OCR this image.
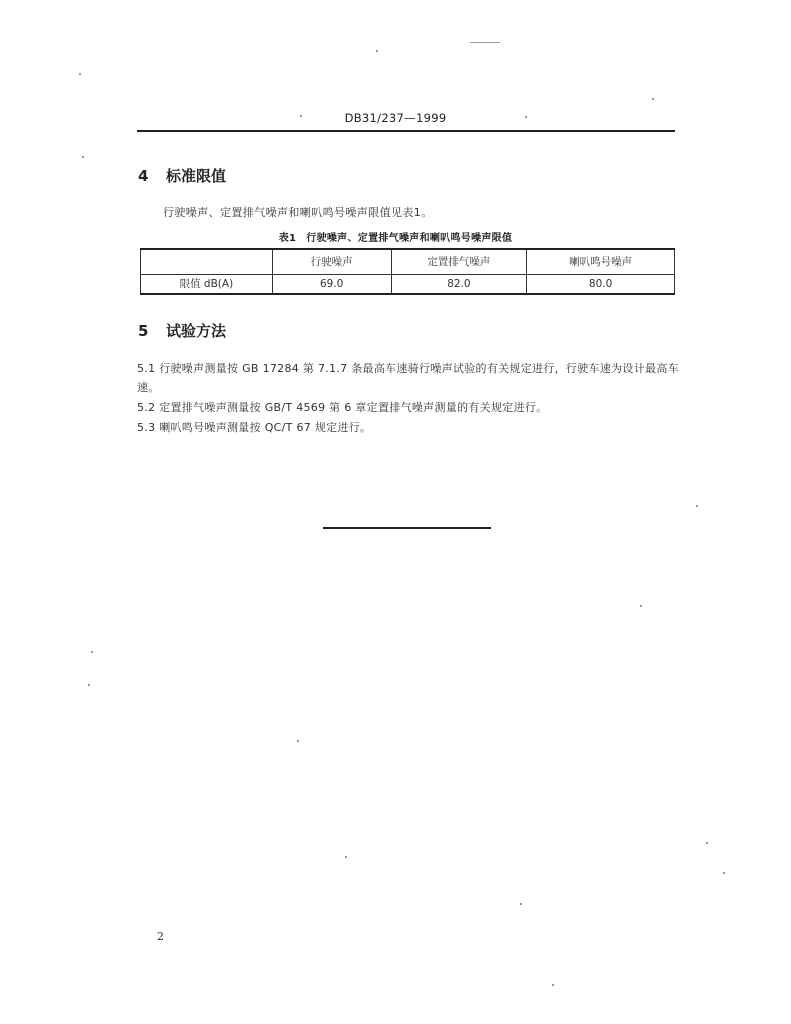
DB31/237—1999
4 标准限值
行驶噪声、定置排气噪声和喇叭鸣号噪声限值见表1。
表1 行驶噪声、定置排气噪声和喇叭鸣号噪声限值
	行驶噪声	定置排气噪声	喇叭鸣号噪声
限值 dB(A)	69.0	82.0	80.0
5 试验方法
5.1 行驶噪声测量按 GB 17284 第 7.1.7 条最高车速骑行噪声试验的有关规定进行，行驶车速为设计最高车速。
5.2 定置排气噪声测量按 GB/T 4569 第 6 章定置排气噪声测量的有关规定进行。
5.3 喇叭鸣号噪声测量按 QC/T 67 规定进行。
2
